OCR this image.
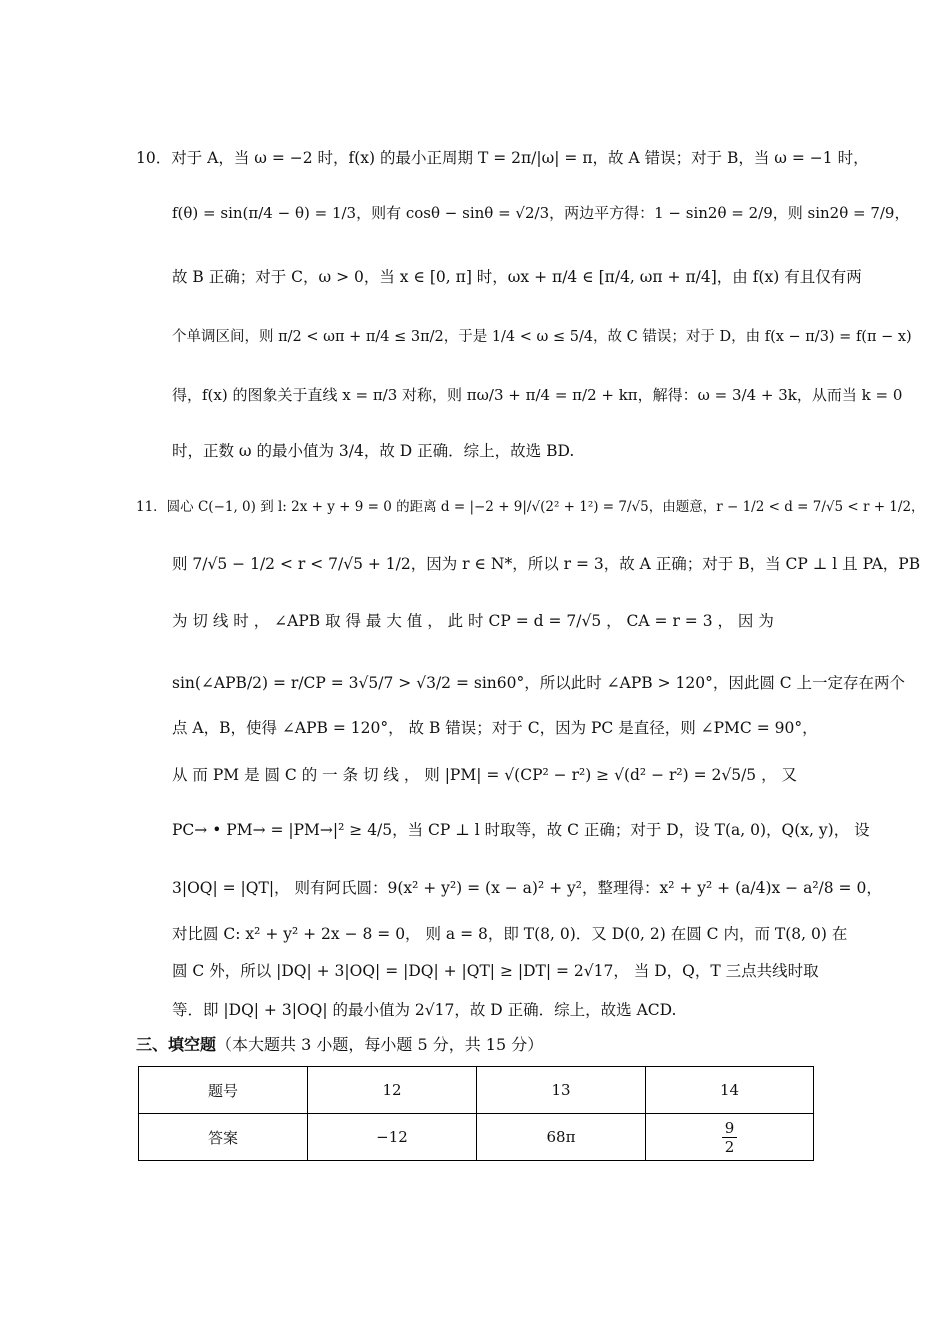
10．对于 A，当 ω = −2 时，f(x) 的最小正周期 T = 2π/|ω| = π，故 A 错误；对于 B，当 ω = −1 时，
f(θ) = sin(π/4 − θ) = 1/3，则有 cosθ − sinθ = √2/3，两边平方得：1 − sin2θ = 2/9，则 sin2θ = 7/9，
故 B 正确；对于 C，ω > 0，当 x ∈ [0, π] 时，ωx + π/4 ∈ [π/4, ωπ + π/4]，由 f(x) 有且仅有两
个单调区间，则 π/2 < ωπ + π/4 ≤ 3π/2，于是 1/4 < ω ≤ 5/4，故 C 错误；对于 D，由 f(x − π/3) = f(π − x)
得，f(x) 的图象关于直线 x = π/3 对称，则 πω/3 + π/4 = π/2 + kπ，解得：ω = 3/4 + 3k，从而当 k = 0
时，正数 ω 的最小值为 3/4，故 D 正确．综上，故选 BD.
11．圆心 C(−1, 0) 到 l: 2x + y + 9 = 0 的距离 d = |−2 + 9|/√(2² + 1²) = 7/√5，由题意，r − 1/2 < d = 7/√5 < r + 1/2，
则 7/√5 − 1/2 < r < 7/√5 + 1/2，因为 r ∈ N*，所以 r = 3，故 A 正确；对于 B，当 CP ⊥ l 且 PA，PB
为 切 线 时 ， ∠APB 取 得 最 大 值 ， 此 时 CP = d = 7/√5 ， CA = r = 3 ， 因 为
sin(∠APB/2) = r/CP = 3√5/7 > √3/2 = sin60°，所以此时 ∠APB > 120°，因此圆 C 上一定存在两个
点 A，B，使得 ∠APB = 120°， 故 B 错误；对于 C，因为 PC 是直径，则 ∠PMC = 90°，
从 而 PM 是 圆 C 的 一 条 切 线 ， 则 |PM| = √(CP² − r²) ≥ √(d² − r²) = 2√5/5 ， 又
PC→ • PM→ = |PM→|² ≥ 4/5，当 CP ⊥ l 时取等，故 C 正确；对于 D，设 T(a, 0)，Q(x, y)， 设
3|OQ| = |QT|， 则有阿氏圆：9(x² + y²) = (x − a)² + y²，整理得：x² + y² + (a/4)x − a²/8 = 0，
对比圆 C: x² + y² + 2x − 8 = 0， 则 a = 8，即 T(8, 0)．又 D(0, 2) 在圆 C 内，而 T(8, 0) 在
圆 C 外，所以 |DQ| + 3|OQ| = |DQ| + |QT| ≥ |DT| = 2√17， 当 D，Q，T 三点共线时取
等．即 |DQ| + 3|OQ| 的最小值为 2√17，故 D 正确．综上，故选 ACD.
三、填空题（本大题共 3 小题，每小题 5 分，共 15 分）
题号	12	13	14
答案	−12	68π	$\frac{9}{2}$
